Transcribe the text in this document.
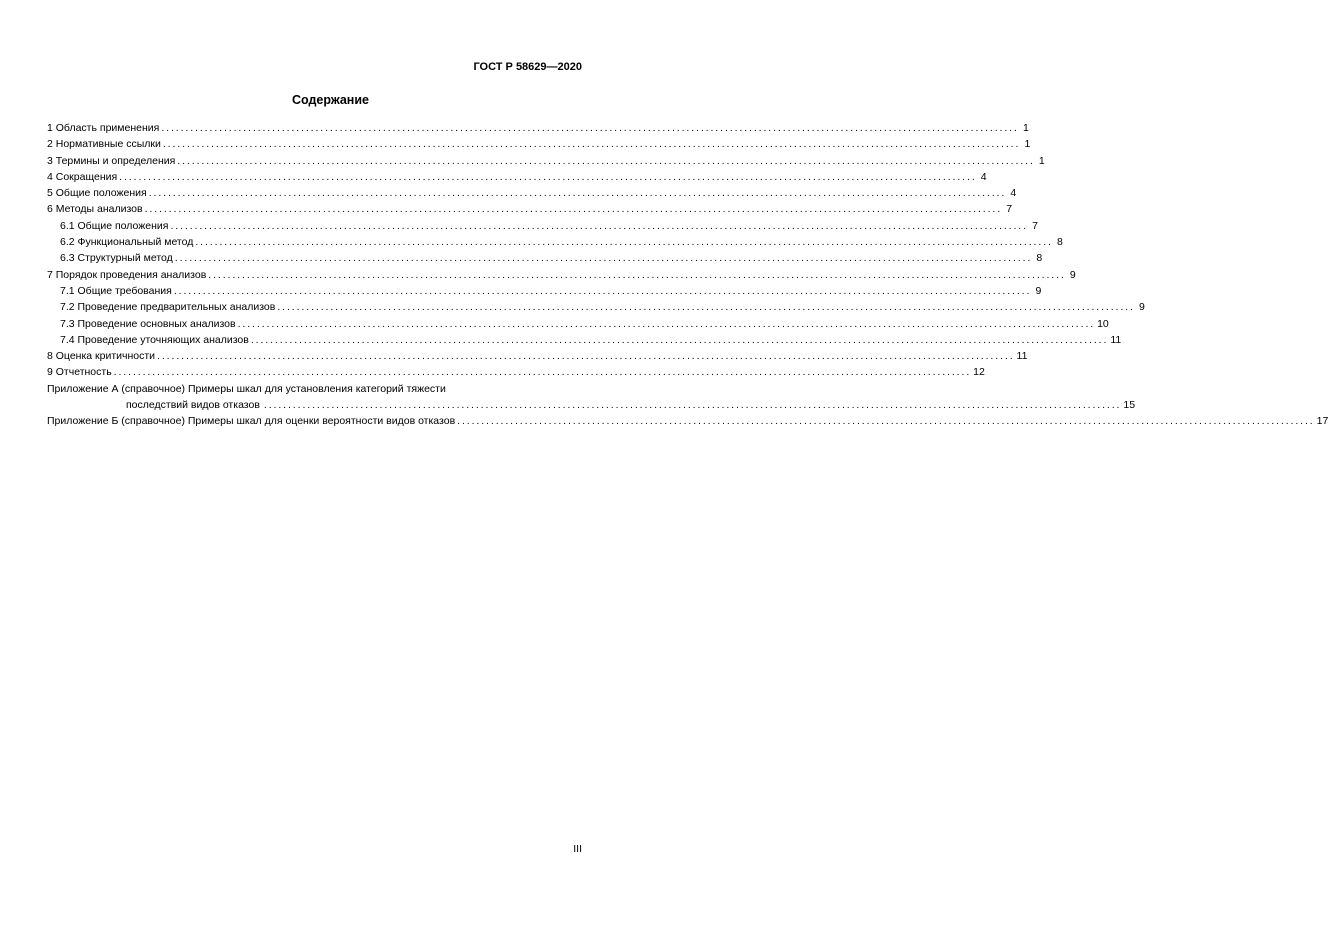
ГОСТ Р 58629—2020
Содержание
1 Область применения .................................................................................................................................................................................. 1
2 Нормативные ссылки .................................................................................................................................................................................. 1
3 Термины и определения .................................................................................................................................................................................. 1
4 Сокращения .................................................................................................................................................................................. 4
5 Общие положения .................................................................................................................................................................................. 4
6 Методы анализов .................................................................................................................................................................................. 7
6.1 Общие положения .................................................................................................................................................................................. 7
6.2 Функциональный метод .................................................................................................................................................................................. 8
6.3 Структурный метод .................................................................................................................................................................................. 8
7 Порядок проведения анализов .................................................................................................................................................................................. 9
7.1 Общие требования .................................................................................................................................................................................. 9
7.2 Проведение предварительных анализов .................................................................................................................................................................................. 9
7.3 Проведение основных анализов .................................................................................................................................................................................. 10
7.4 Проведение уточняющих анализов .................................................................................................................................................................................. 11
8 Оценка критичности .................................................................................................................................................................................. 11
9 Отчетность .................................................................................................................................................................................. 12
Приложение А (справочное) Примеры шкал для установления категорий тяжести
последствий видов отказов .................................................................................................................................................................................. 15
Приложение Б (справочное) Примеры шкал для оценки вероятности видов отказов .................................................................................................................................................................................. 17
III
